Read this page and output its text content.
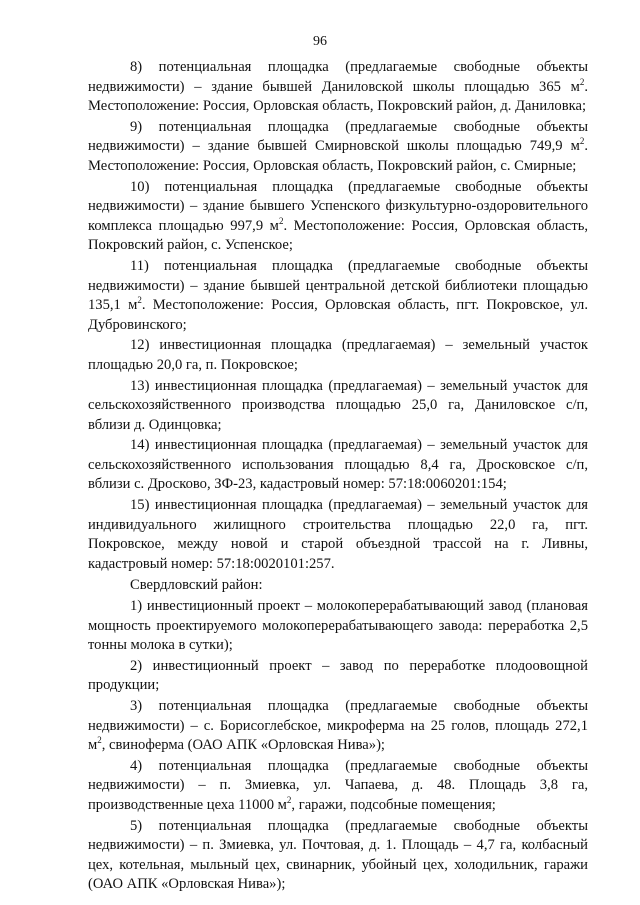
96

8) потенциальная площадка (предлагаемые свободные объекты недвижимости) – здание бывшей Даниловской школы площадью 365 $м^2$. Местоположение: Россия, Орловская область, Покровский район, д. Даниловка;

9) потенциальная площадка (предлагаемые свободные объекты недвижимости) – здание бывшей Смирновской школы площадью 749,9 $м^2$. Местоположение: Россия, Орловская область, Покровский район, с. Смирные;

10) потенциальная площадка (предлагаемые свободные объекты недвижимости) – здание бывшего Успенского физкультурно-оздоровительного комплекса площадью 997,9 $м^2$. Местоположение: Россия, Орловская область, Покровский район, с. Успенское;

11) потенциальная площадка (предлагаемые свободные объекты недвижимости) – здание бывшей центральной детской библиотеки площадью 135,1 $м^2$. Местоположение: Россия, Орловская область, пгт. Покровское, ул. Дубровинского;

12) инвестиционная площадка (предлагаемая) – земельный участок площадью 20,0 га, п. Покровское;

13) инвестиционная площадка (предлагаемая) – земельный участок для сельскохозяйственного производства площадью 25,0 га, Даниловское с/п, вблизи д. Одинцовка;

14) инвестиционная площадка (предлагаемая) – земельный участок для сельскохозяйственного использования площадью 8,4 га, Дросковское с/п, вблизи с. Дросково, ЗФ-23, кадастровый номер: 57:18:0060201:154;

15) инвестиционная площадка (предлагаемая) – земельный участок для индивидуального жилищного строительства площадью 22,0 га, пгт. Покровское, между новой и старой объездной трассой на г. Ливны, кадастровый номер: 57:18:0020101:257.

Свердловский район:

1) инвестиционный проект – молокоперерабатывающий завод (плановая мощность проектируемого молокоперерабатывающего завода: переработка 2,5 тонны молока в сутки);

2) инвестиционный проект – завод по переработке плодоовощной продукции;

3) потенциальная площадка (предлагаемые свободные объекты недвижимости) – с. Борисоглебское, микроферма на 25 голов, площадь 272,1 $м^2$, свиноферма (ОАО АПК «Орловская Нива»);

4) потенциальная площадка (предлагаемые свободные объекты недвижимости) – п. Змиевка, ул. Чапаева, д. 48. Площадь 3,8 га, производственные цеха 11000 $м^2$, гаражи, подсобные помещения;

5) потенциальная площадка (предлагаемые свободные объекты недвижимости) – п. Змиевка, ул. Почтовая, д. 1. Площадь – 4,7 га, колбасный цех, котельная, мыльный цех, свинарник, убойный цех, холодильник, гаражи (ОАО АПК «Орловская Нива»);
